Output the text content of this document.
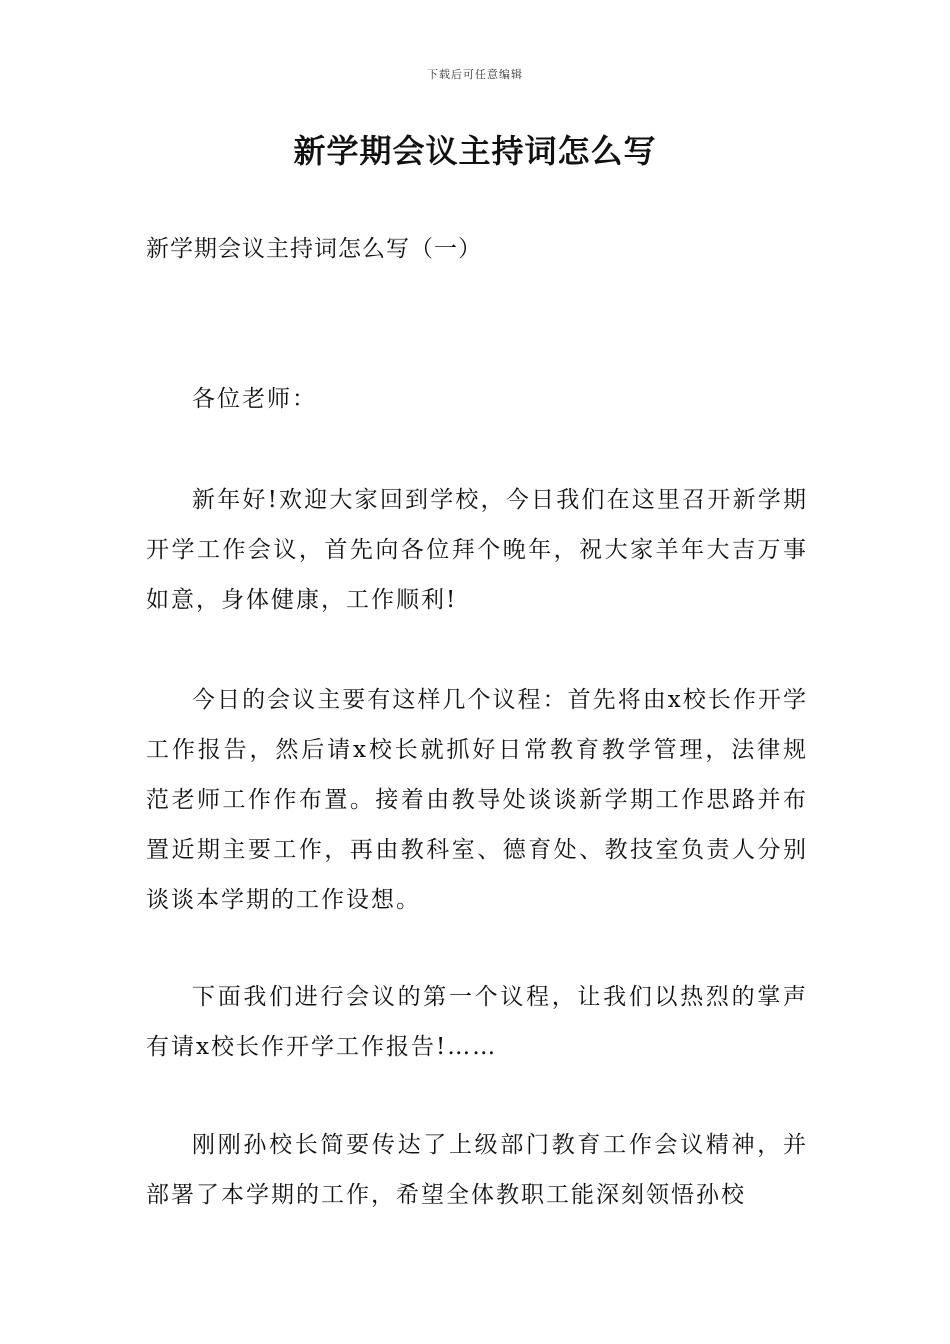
下载后可任意编辑
新学期会议主持词怎么写

新学期会议主持词怎么写（一）

各位老师：

新年好!欢迎大家回到学校，今日我们在这里召开新学期开学工作会议，首先向各位拜个晚年，祝大家羊年大吉万事如意，身体健康，工作顺利!

今日的会议主要有这样几个议程：首先将由x校长作开学工作报告，然后请x校长就抓好日常教育教学管理，法律规范老师工作作布置。接着由教导处谈谈新学期工作思路并布置近期主要工作，再由教科室、德育处、教技室负责人分别谈谈本学期的工作设想。

下面我们进行会议的第一个议程，让我们以热烈的掌声有请x校长作开学工作报告!……

刚刚孙校长简要传达了上级部门教育工作会议精神，并部署了本学期的工作，希望全体教职工能深刻领悟孙校
